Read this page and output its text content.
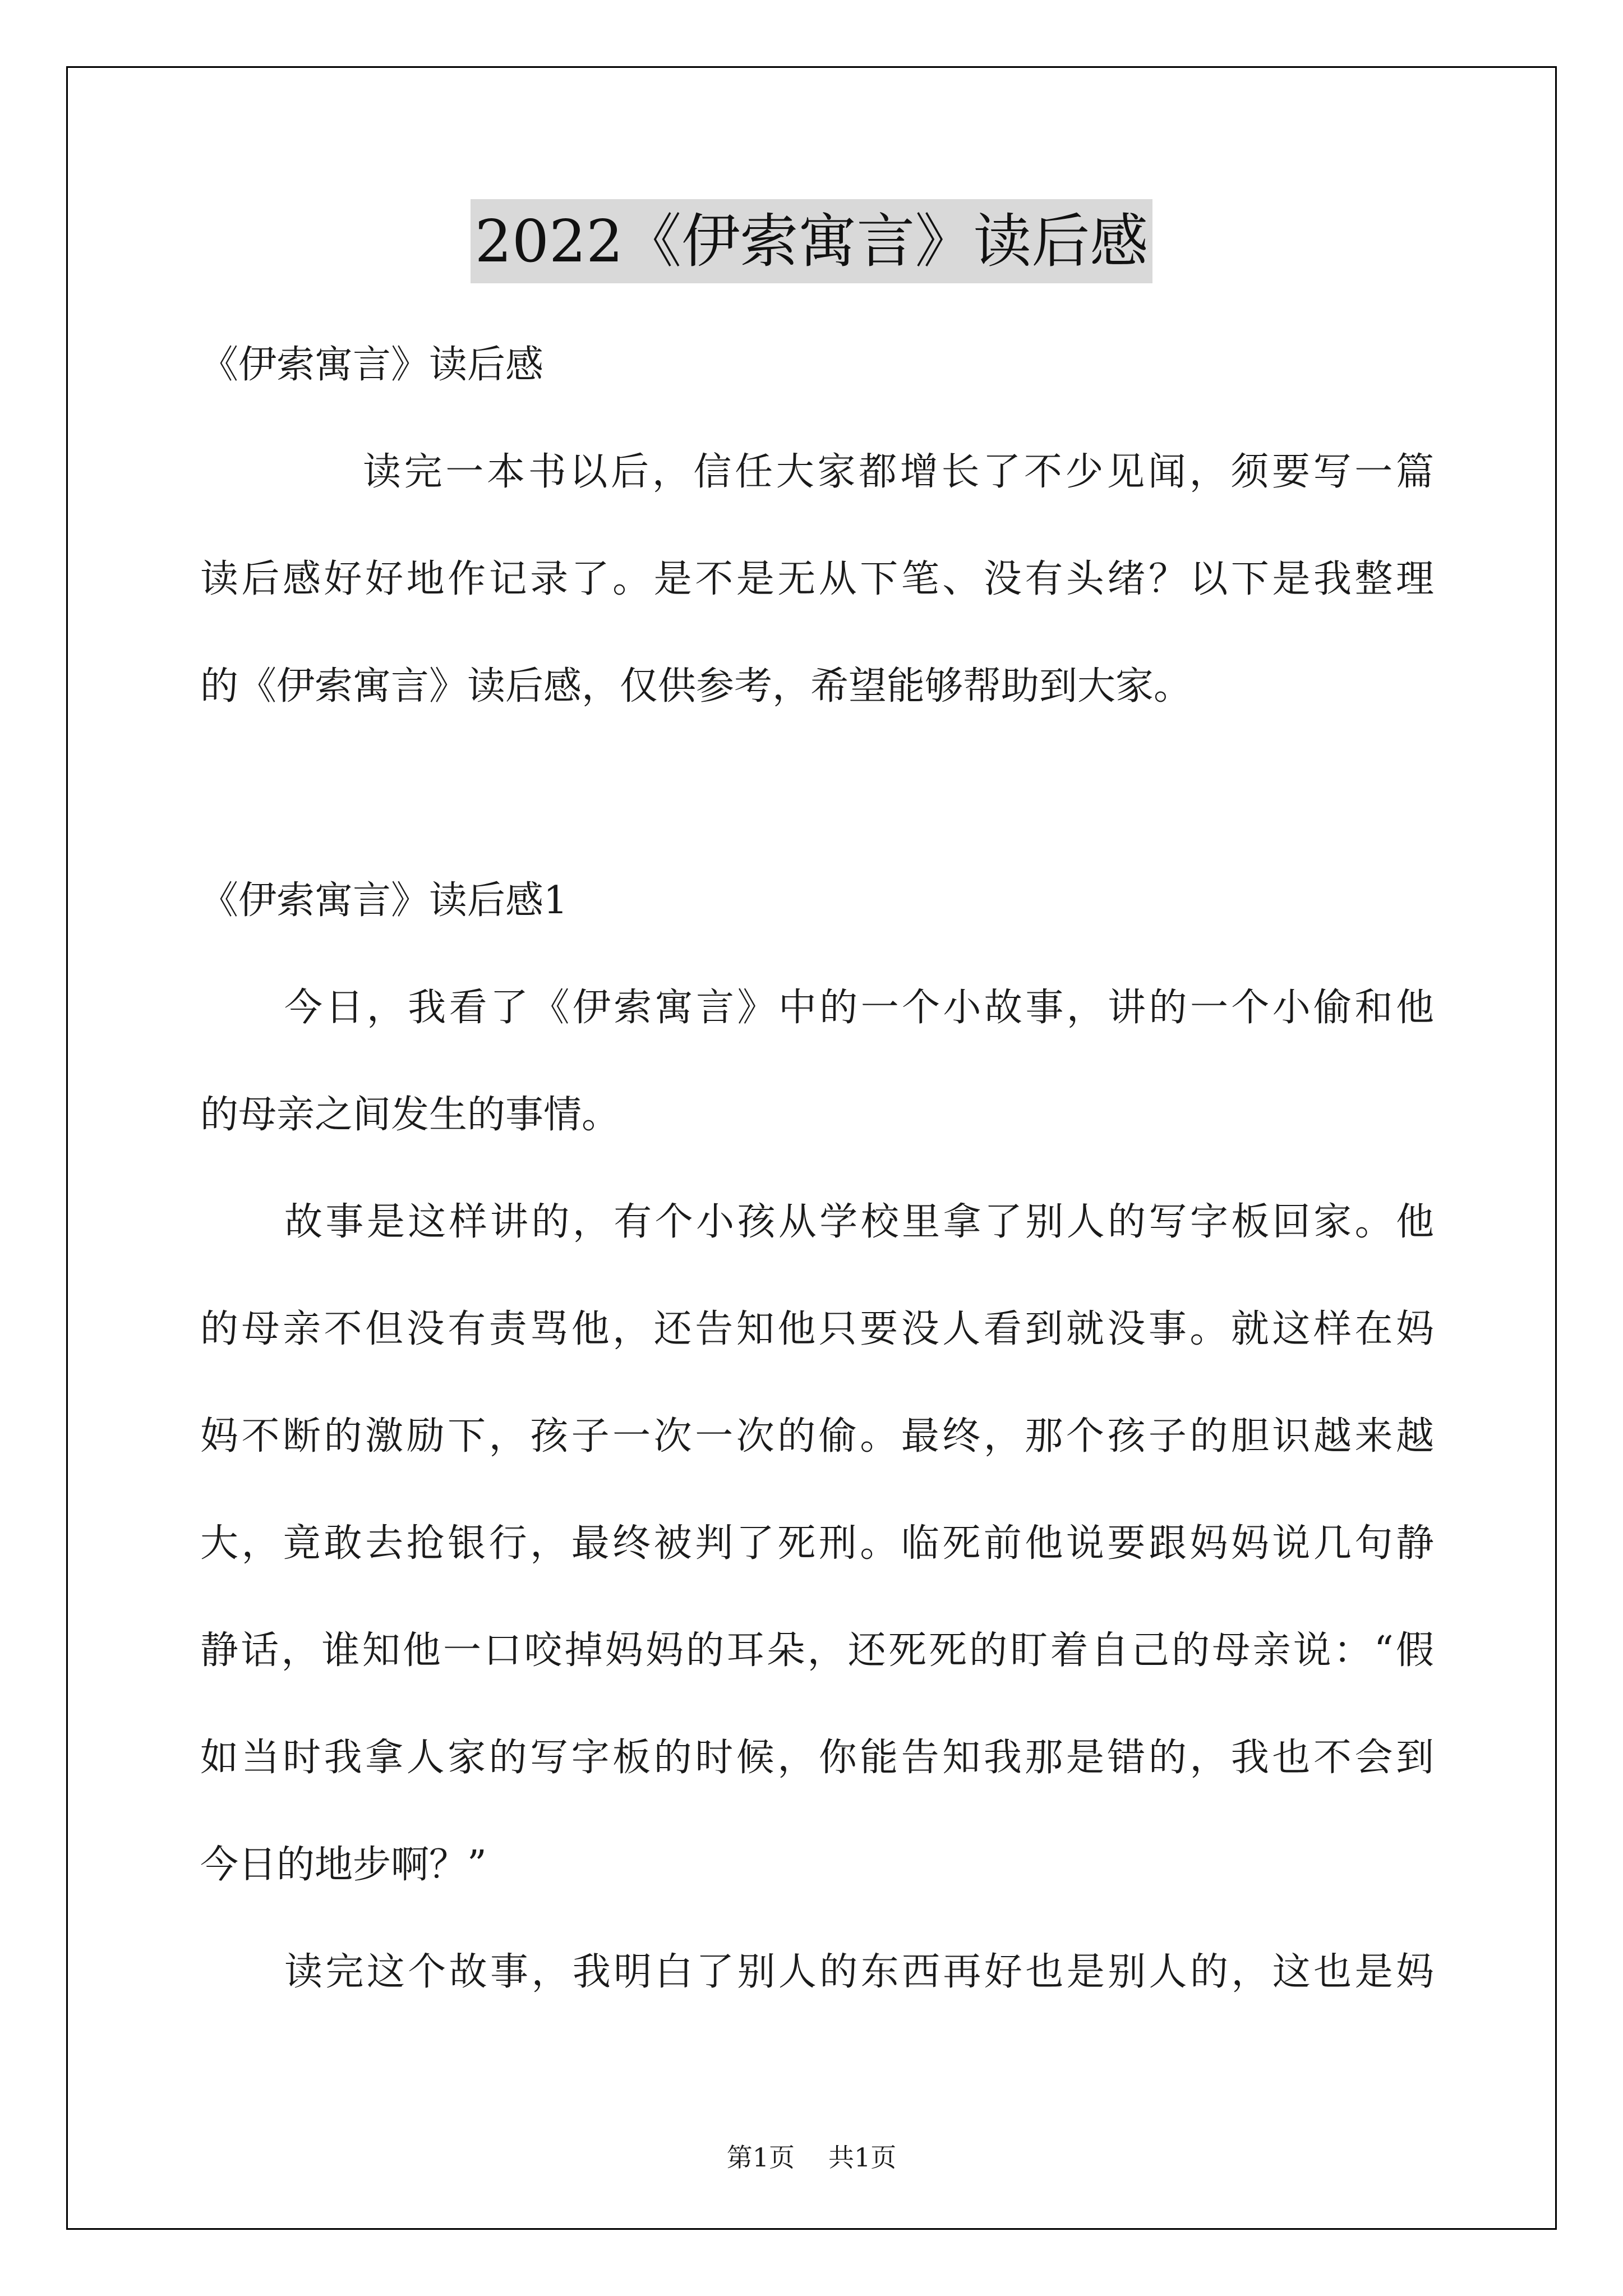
2022《伊索寓言》读后感
《伊索寓言》读后感
读完一本书以后，信任大家都增长了不少见闻，须要写一篇
读后感好好地作记录了。是不是无从下笔、没有头绪？以下是我整理
的《伊索寓言》读后感，仅供参考，希望能够帮助到大家。
《伊索寓言》读后感1
今日，我看了《伊索寓言》中的一个小故事，讲的一个小偷和他
的母亲之间发生的事情。
故事是这样讲的，有个小孩从学校里拿了别人的写字板回家。他
的母亲不但没有责骂他，还告知他只要没人看到就没事。就这样在妈
妈不断的激励下，孩子一次一次的偷。最终，那个孩子的胆识越来越
大，竟敢去抢银行，最终被判了死刑。临死前他说要跟妈妈说几句静
静话，谁知他一口咬掉妈妈的耳朵，还死死的盯着自己的母亲说：“假
如当时我拿人家的写字板的时候，你能告知我那是错的，我也不会到
今日的地步啊？”
读完这个故事，我明白了别人的东西再好也是别人的，这也是妈
第1页 共1页
